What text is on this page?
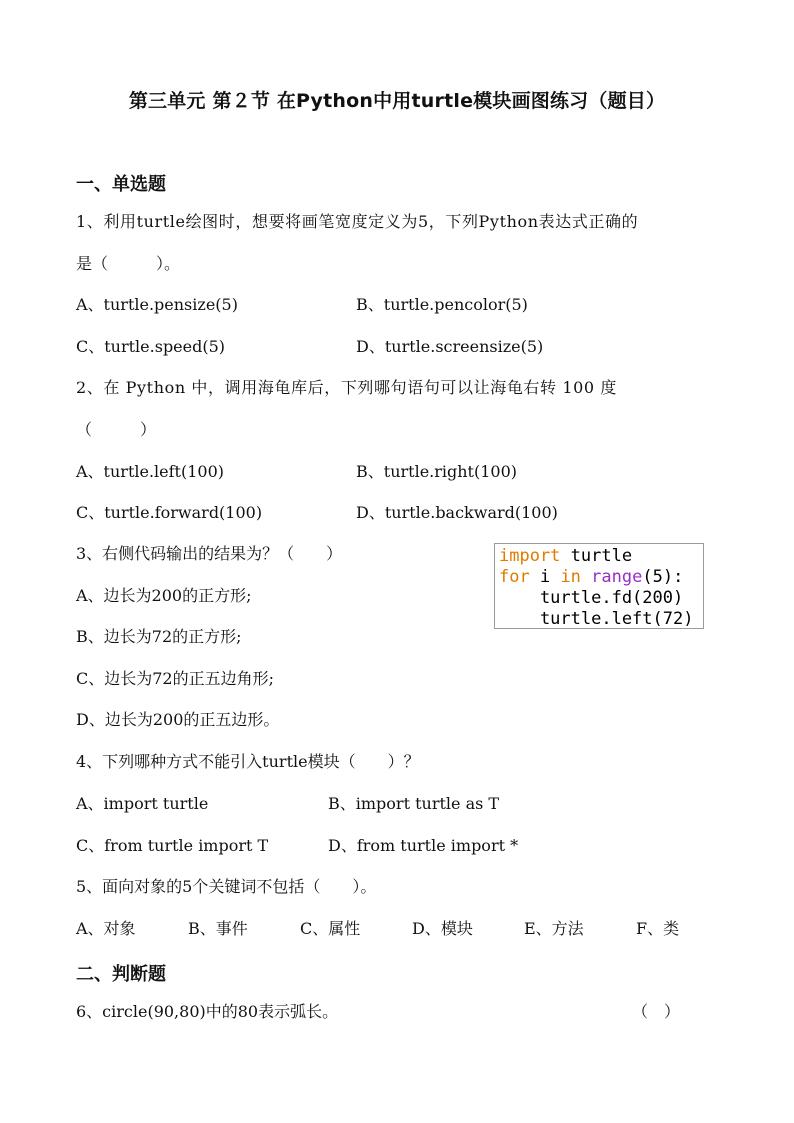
第三单元 第２节 在Python中用turtle模块画图练习（题目）
一、单选题
1、利用turtle绘图时，想要将画笔宽度定义为5，下列Python表达式正确的
是（　　　）。
A、turtle.pensize(5)	B、turtle.pencolor(5)
C、turtle.speed(5)	D、turtle.screensize(5)
2、在 Python 中，调用海龟库后，下列哪句语句可以让海龟右转 100 度
（　　　）
A、turtle.left(100)	B、turtle.right(100)
C、turtle.forward(100)	D、turtle.backward(100)
3、右侧代码输出的结果为？（　　）
A、边长为200的正方形;
B、边长为72的正方形;
C、边长为72的正五边角形;
D、边长为200的正五边形。
import turtle
for i in range(5):
turtle.fd(200)
turtle.left(72)
4、下列哪种方式不能引入turtle模块（　　）？
A、import turtle	B、import turtle as T
C、from turtle import T	D、from turtle import *
5、面向对象的5个关键词不包括（　　）。
A、对象	B、事件	C、属性	D、模块	E、方法	F、类
二、判断题
6、circle(90,80)中的80表示弧长。	（　）
